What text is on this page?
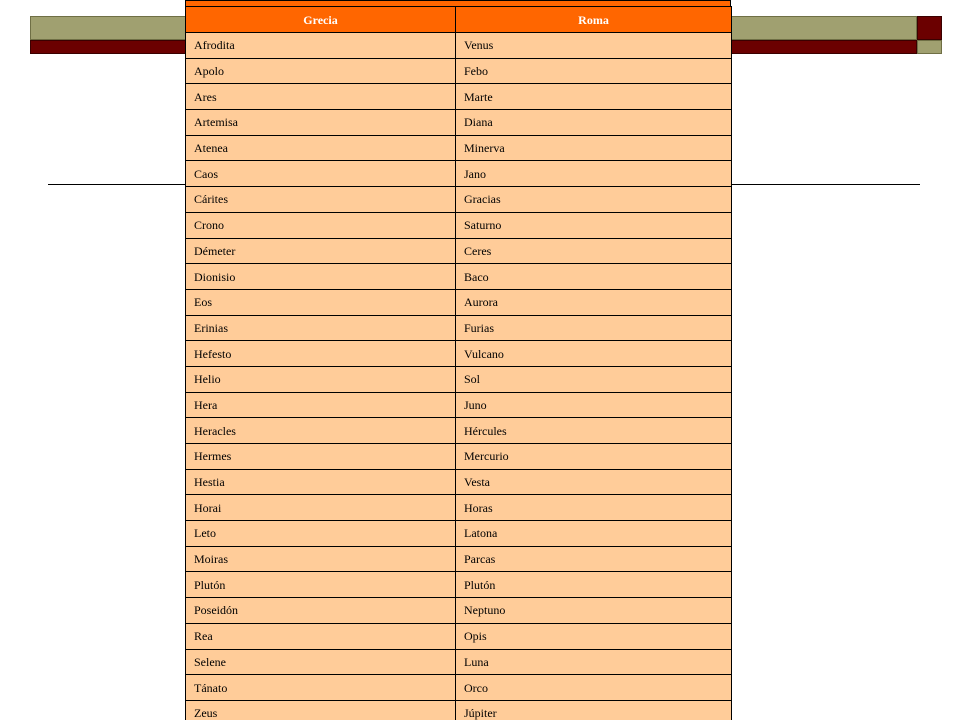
Grecia	Roma
Afrodita	Venus
Apolo	Febo
Ares	Marte
Artemisa	Diana
Atenea	Minerva
Caos	Jano
Cárites	Gracias
Crono	Saturno
Démeter	Ceres
Dionisio	Baco
Eos	Aurora
Erinias	Furias
Hefesto	Vulcano
Helio	Sol
Hera	Juno
Heracles	Hércules
Hermes	Mercurio
Hestia	Vesta
Horai	Horas
Leto	Latona
Moiras	Parcas
Plutón	Plutón
Poseidón	Neptuno
Rea	Opis
Selene	Luna
Tánato	Orco
Zeus	Júpiter
